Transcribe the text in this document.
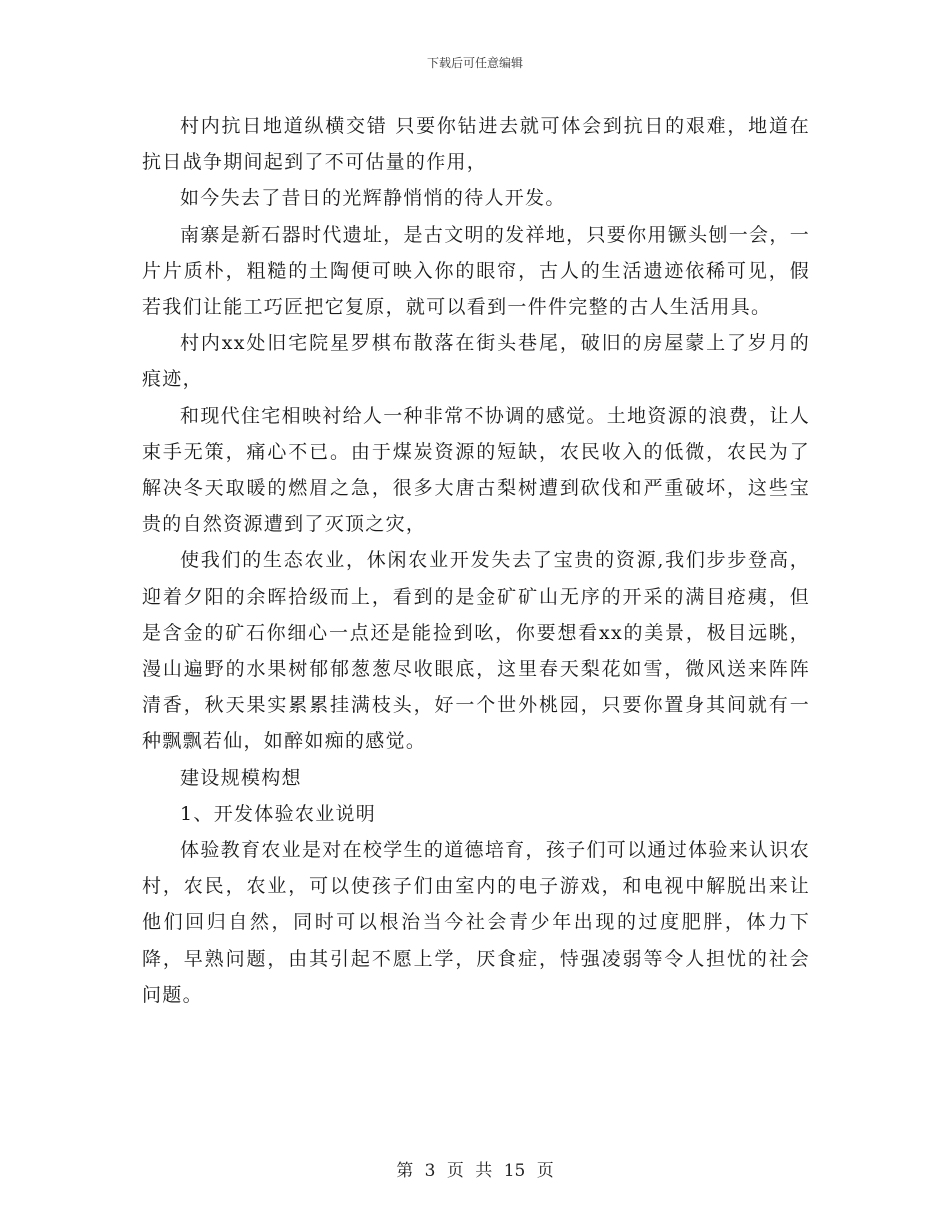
下载后可任意编辑

村内抗日地道纵横交错 只要你钻进去就可体会到抗日的艰难，地道在抗日战争期间起到了不可估量的作用，

如今失去了昔日的光辉静悄悄的待人开发。

南寨是新石器时代遗址，是古文明的发祥地，只要你用镢头刨一会，一片片质朴，粗糙的土陶便可映入你的眼帘，古人的生活遗迹依稀可见，假若我们让能工巧匠把它复原，就可以看到一件件完整的古人生活用具。

村内xx处旧宅院星罗棋布散落在街头巷尾，破旧的房屋蒙上了岁月的痕迹，

和现代住宅相映衬给人一种非常不协调的感觉。土地资源的浪费，让人束手无策，痛心不已。由于煤炭资源的短缺，农民收入的低微，农民为了解决冬天取暖的燃眉之急，很多大唐古梨树遭到砍伐和严重破坏，这些宝贵的自然资源遭到了灭顶之灾，

使我们的生态农业，休闲农业开发失去了宝贵的资源,我们步步登高，迎着夕阳的余晖拾级而上，看到的是金矿矿山无序的开采的满目疮痍，但是含金的矿石你细心一点还是能捡到吆，你要想看xx的美景，极目远眺，漫山遍野的水果树郁郁葱葱尽收眼底，这里春天梨花如雪，微风送来阵阵清香，秋天果实累累挂满枝头，好一个世外桃园，只要你置身其间就有一种飘飘若仙，如醉如痴的感觉。

建设规模构想

1、开发体验农业说明

体验教育农业是对在校学生的道德培育，孩子们可以通过体验来认识农村，农民，农业，可以使孩子们由室内的电子游戏，和电视中解脱出来让他们回归自然，同时可以根治当今社会青少年出现的过度肥胖，体力下降，早熟问题，由其引起不愿上学，厌食症，恃强凌弱等令人担忧的社会问题。

第 3 页 共 15 页
